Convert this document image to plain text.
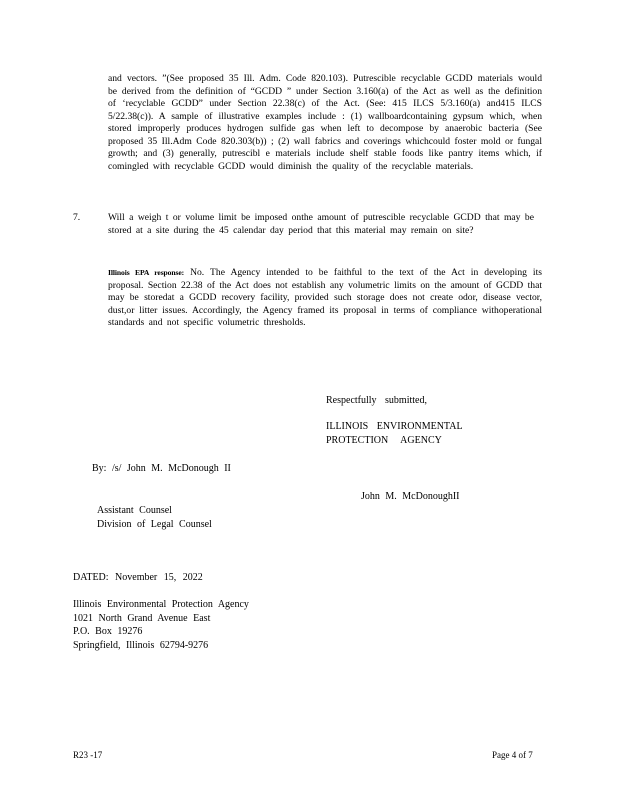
and vectors. ”(See proposed 35 Ill. Adm. Code 820.103). Putrescible recyclable GCDD materials would be derived from the definition of “GCDD ” under Section 3.160(a) of the Act as well as the definition of ‘recyclable GCDD” under Section 22.38(c) of the Act. (See: 415 ILCS 5/3.160(a) and415 ILCS 5/22.38(c)). A sample of illustrative examples include : (1) wallboardcontaining gypsum which, when stored improperly produces hydrogen sulfide gas when left to decompose by anaerobic bacteria (See proposed 35 Ill.Adm Code 820.303(b)) ; (2) wall fabrics and coverings whichcould foster mold or fungal growth; and (3) generally, putrescibl e materials include shelf stable foods like pantry items which, if comingled with recyclable GCDD would diminish the quality of the recyclable materials.
7.	Will a weigh t or volume limit be imposed onthe amount of putrescible recyclable GCDD that may be stored at a site during the 45 calendar day period that this material may remain on site?
Illinois EPA response: No. The Agency intended to be faithful to the text of the Act in developing its proposal. Section 22.38 of the Act does not establish any volumetric limits on the amount of GCDD that may be storedat a GCDD recovery facility, provided such storage does not create odor, disease vector, dust,or litter issues. Accordingly, the Agency framed its proposal in terms of compliance withoperational standards and not specific volumetric thresholds.
Respectfully submitted,
ILLINOIS ENVIRONMENTAL
PROTECTION AGENCY
By: /s/ John M. McDonough II
John M. McDonoughII
Assistant Counsel
Division of Legal Counsel
DATED: November 15, 2022
Illinois Environmental Protection Agency
1021 North Grand Avenue East
P.O. Box 19276
Springfield, Illinois 62794-9276
R23 -17	Page 4 of 7
